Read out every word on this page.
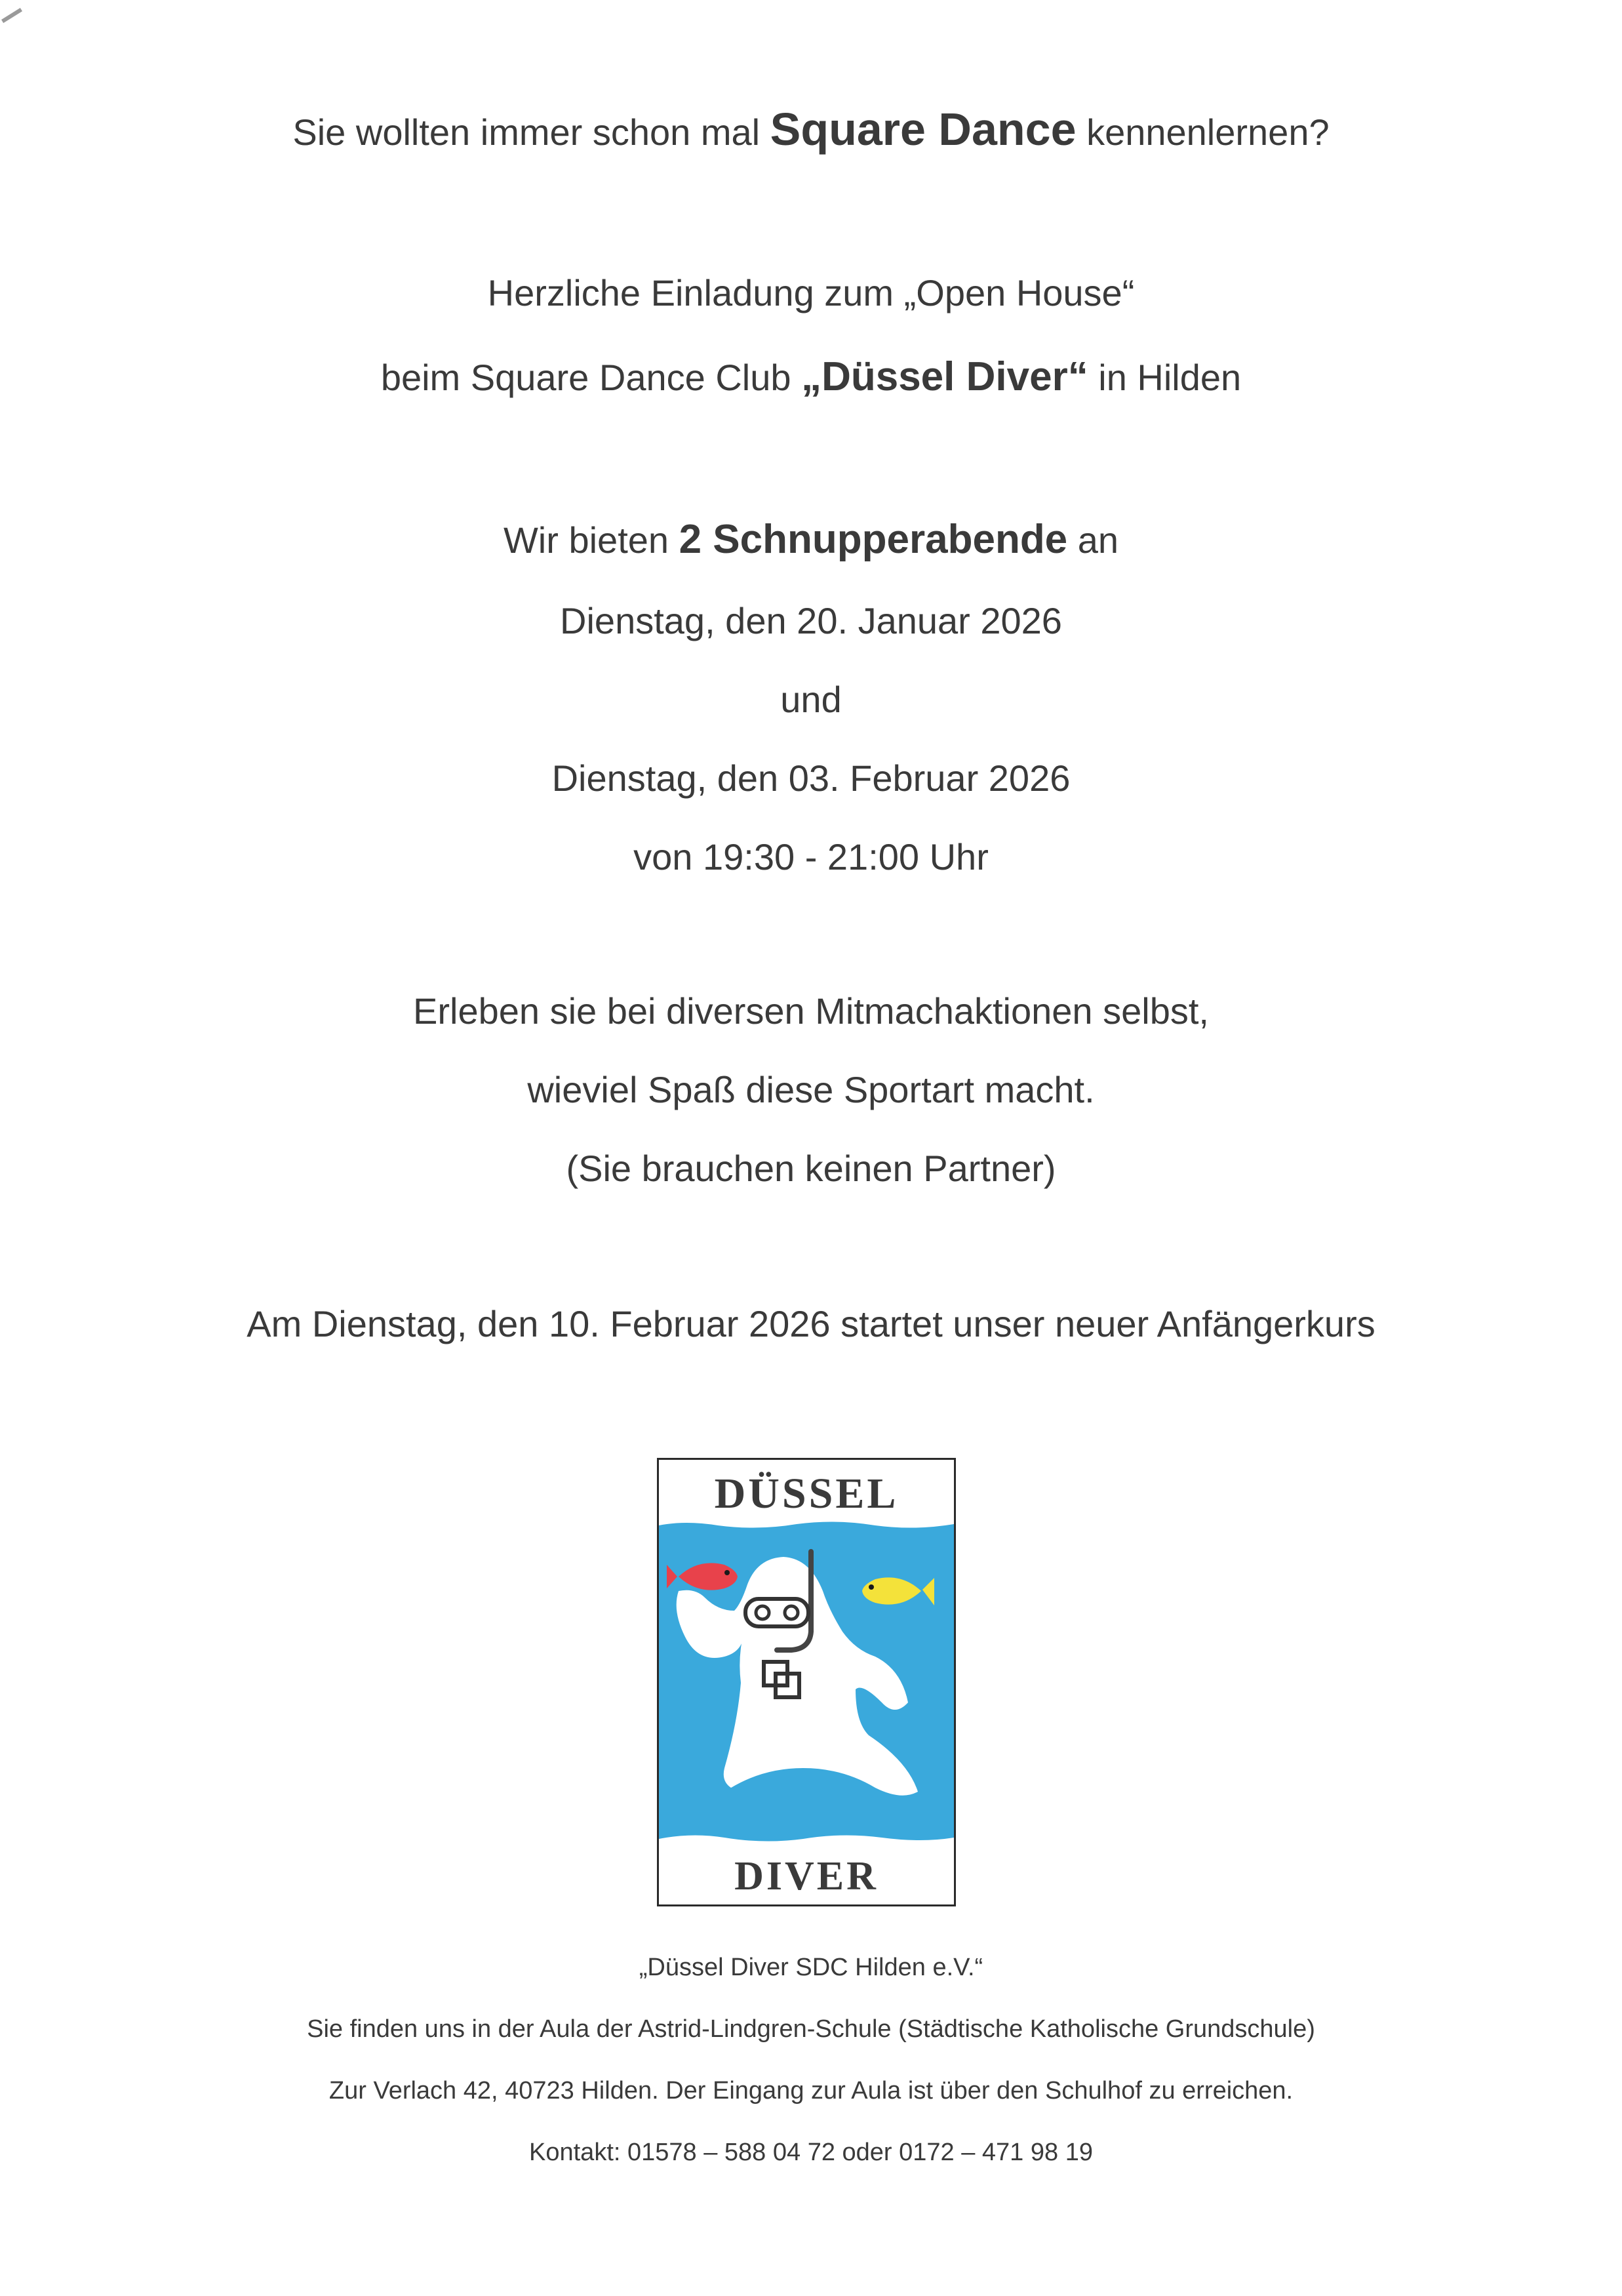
Sie wollten immer schon mal Square Dance kennenlernen?
Herzliche Einladung zum „Open House“
beim Square Dance Club „Düssel Diver“ in Hilden
Wir bieten 2 Schnupperabende an
Dienstag, den 20. Januar 2026
und
Dienstag, den 03. Februar 2026
von 19:30 - 21:00 Uhr
Erleben sie bei diversen Mitmachaktionen selbst,
wieviel Spaß diese Sportart macht.
(Sie brauchen keinen Partner)
Am Dienstag, den 10. Februar 2026 startet unser neuer Anfängerkurs
DÜSSEL
DIVER
„Düssel Diver SDC Hilden e.V.“
Sie finden uns in der Aula der Astrid-Lindgren-Schule (Städtische Katholische Grundschule)
Zur Verlach 42, 40723 Hilden. Der Eingang zur Aula ist über den Schulhof zu erreichen.
Kontakt: 01578 – 588 04 72 oder 0172 – 471 98 19
